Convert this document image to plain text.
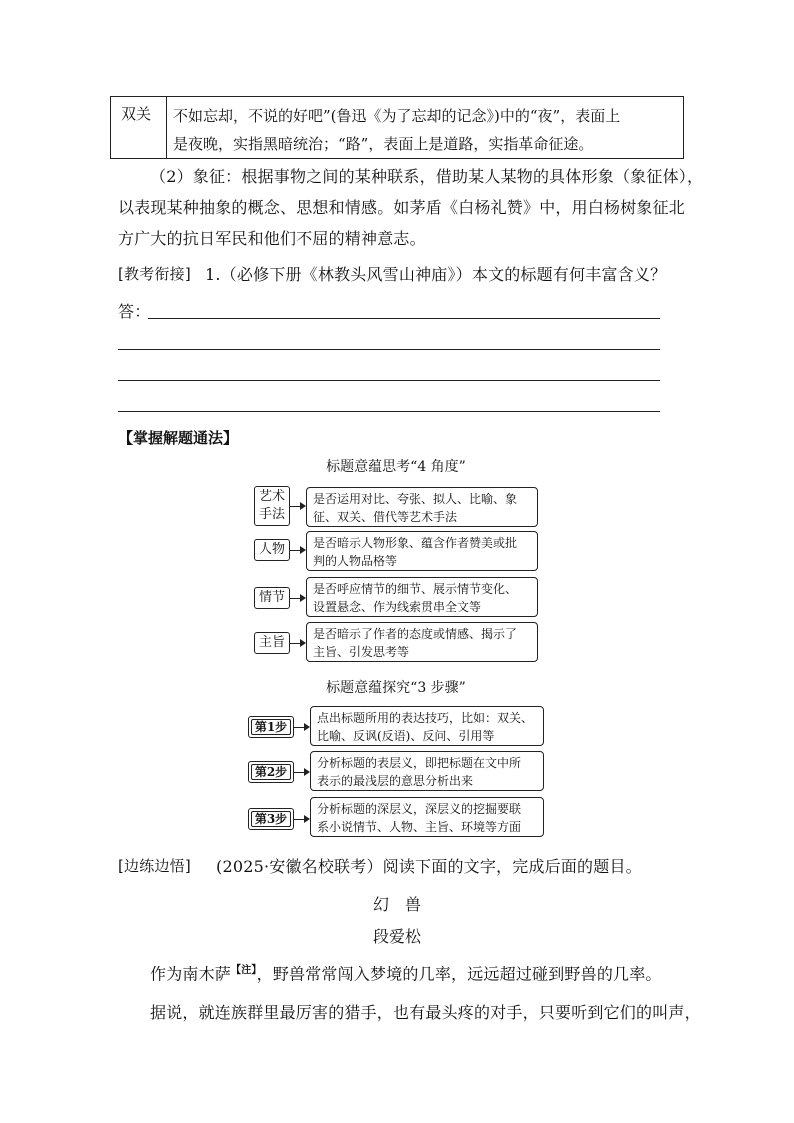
双关 不如忘却，不说的好吧”(鲁迅《为了忘却的记念》)中的“夜”，表面上
是夜晚，实指黑暗统治；“路”，表面上是道路，实指革命征途。
（2）象征：根据事物之间的某种联系，借助某人某物的具体形象（象征体），
以表现某种抽象的概念、思想和情感。如茅盾《白杨礼赞》中，用白杨树象征北
方广大的抗日军民和他们不屈的精神意志。
[教考衔接] 1.（必修下册《林教头风雪山神庙》）本文的标题有何丰富含义？
答：
【掌握解题通法】
标题意蕴思考“4 角度”
艺术
手法
是否运用对比、夸张、拟人、比喻、象
征、双关、借代等艺术手法
人物	是否暗示人物形象、蕴含作者赞美或批
判的人物品格等
情节
是否呼应情节的细节、展示情节变化、
设置悬念、作为线索贯串全文等
主旨
是否暗示了作者的态度或情感、揭示了
主旨、引发思考等
标题意蕴探究“3 步骤”
第1步
点出标题所用的表达技巧，比如：双关、
比喻、反讽(反语)、反问、引用等
第2步
分析标题的表层义，即把标题在文中所
表示的最浅层的意思分析出来
第3步
分析标题的深层义，深层义的挖掘要联
系小说情节、人物、主旨、环境等方面
[边练边悟] (2025·安徽名校联考）阅读下面的文字，完成后面的题目。
幻　兽
段爱松
作为南木萨$^{【注】}$，野兽常常闯入梦境的几率，远远超过碰到野兽的几率。
据说，就连族群里最厉害的猎手，也有最头疼的对手，只要听到它们的叫声，
